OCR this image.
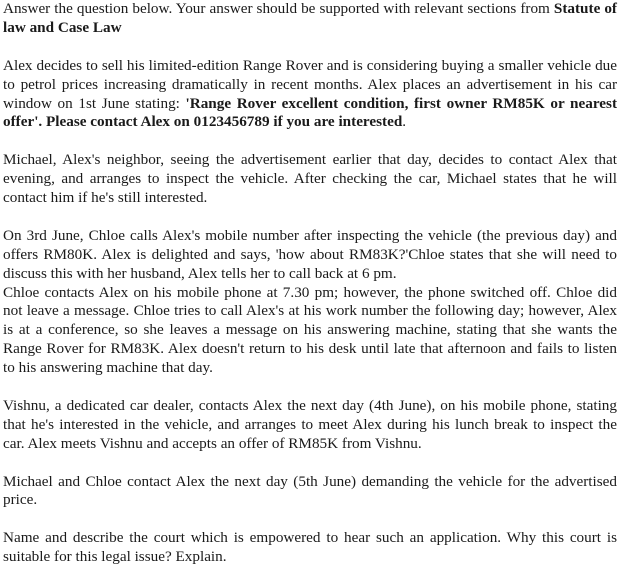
Answer the question below. Your answer should be supported with relevant sections from Statute of law and Case Law

Alex decides to sell his limited-edition Range Rover and is considering buying a smaller vehicle due to petrol prices increasing dramatically in recent months. Alex places an advertisement in his car window on 1st June stating: 'Range Rover excellent condition, first owner RM85K or nearest offer'. Please contact Alex on 0123456789 if you are interested.

Michael, Alex's neighbor, seeing the advertisement earlier that day, decides to contact Alex that evening, and arranges to inspect the vehicle. After checking the car, Michael states that he will contact him if he's still interested.

On 3rd June, Chloe calls Alex's mobile number after inspecting the vehicle (the previous day) and offers RM80K. Alex is delighted and says, 'how about RM83K?'Chloe states that she will need to discuss this with her husband, Alex tells her to call back at 6 pm.

Chloe contacts Alex on his mobile phone at 7.30 pm; however, the phone switched off. Chloe did not leave a message. Chloe tries to call Alex's at his work number the following day; however, Alex is at a conference, so she leaves a message on his answering machine, stating that she wants the Range Rover for RM83K. Alex doesn't return to his desk until late that afternoon and fails to listen to his answering machine that day.

Vishnu, a dedicated car dealer, contacts Alex the next day (4th June), on his mobile phone, stating that he's interested in the vehicle, and arranges to meet Alex during his lunch break to inspect the car. Alex meets Vishnu and accepts an offer of RM85K from Vishnu.

Michael and Chloe contact Alex the next day (5th June) demanding the vehicle for the advertised price.

Name and describe the court which is empowered to hear such an application. Why this court is suitable for this legal issue? Explain.
